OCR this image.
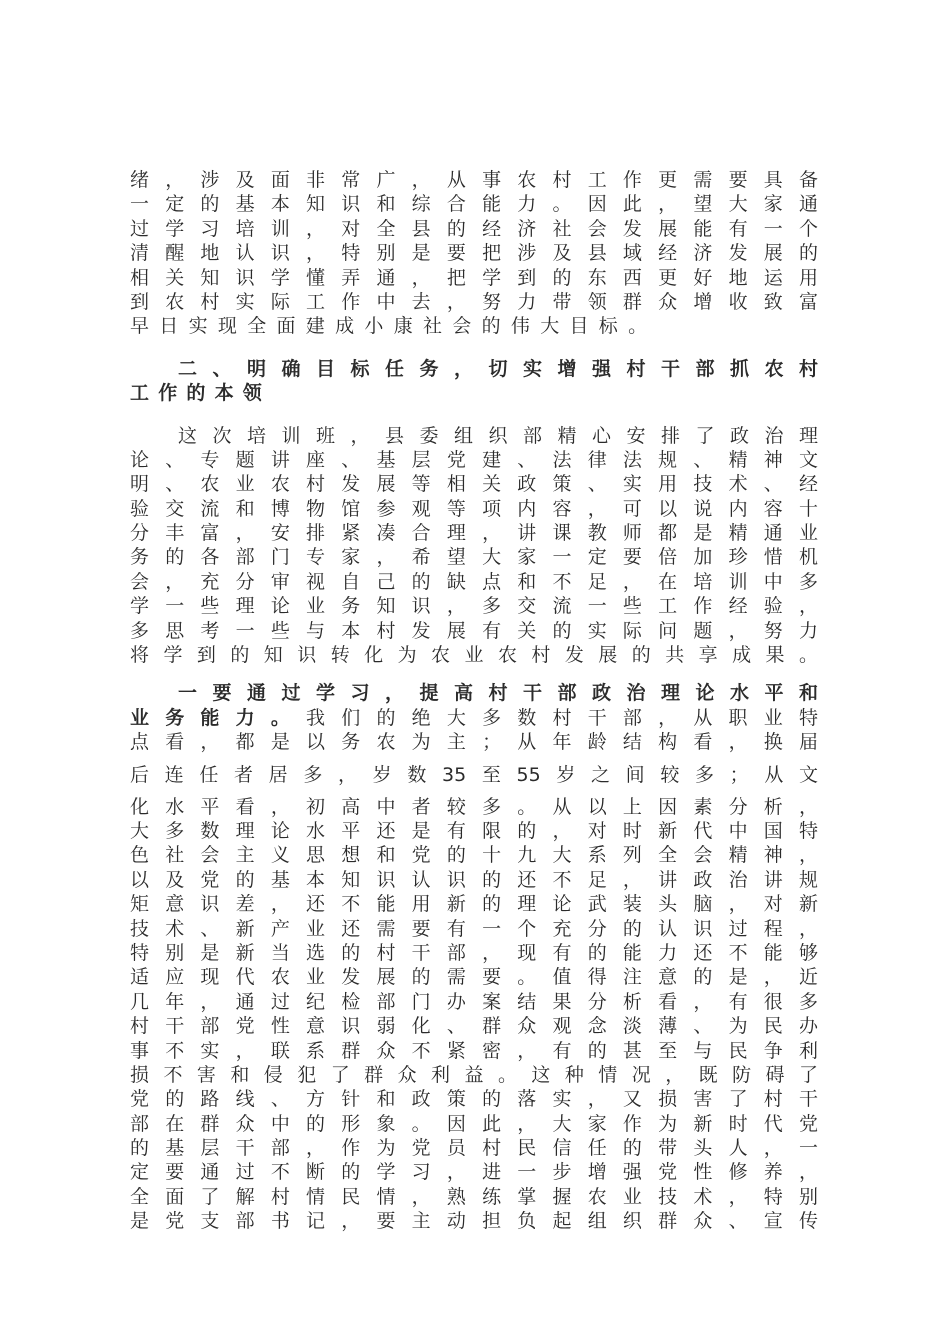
绪​，​涉​及​面​非​常​广​，​从​事​农​村​工​作​更​需​要​具​备
一​定​的​基​本​知​识​和​综​合​能​力​。​因​此​，​望​大​家​通
过​学​习​培​训​，​对​全​县​的​经​济​社​会​发​展​能​有​一​个
清​醒​地​认​识​，​特​别​是​要​把​涉​及​县​域​经​济​发​展​的
相​关​知​识​学​懂​弄​通​，​把​学​到​的​东​西​更​好​地​运​用
到​农​村​实​际​工​作​中​去​，​努​力​带​领​群​众​增​收​致​富
早​日​实​现​全​面​建​成​小​康​社​会​的​伟​大​目​标​。
二​、​明​确​目​标​任​务​，​切​实​增​强​村​干​部​抓​农​村
工​作​的​本​领
这​次​培​训​班​，​县​委​组​织​部​精​心​安​排​了​政​治​理
论​、​专​题​讲​座​、​基​层​党​建​、​法​律​法​规​、​精​神​文
明​、​农​业​农​村​发​展​等​相​关​政​策​、​实​用​技​术​、​经
验​交​流​和​博​物​馆​参​观​等​项​内​容​，​可​以​说​内​容​十
分​丰​富​，​安​排​紧​凑​合​理​，​讲​课​教​师​都​是​精​通​业
务​的​各​部​门​专​家​，​希​望​大​家​一​定​要​倍​加​珍​惜​机
会​，​充​分​审​视​自​己​的​缺​点​和​不​足​，​在​培​训​中​多
学​一​些​理​论​业​务​知​识​，​多​交​流​一​些​工​作​经​验​，
多​思​考​一​些​与​本​村​发​展​有​关​的​实​际​问​题​，​努​力
将​学​到​的​知​识​转​化​为​农​业​农​村​发​展​的​共​享​成​果​。
一​要​通​过​学​习​，​提​高​村​干​部​政​治​理​论​水​平​和
业​务​能​力​。我​们​的​绝​大​多​数​村​干​部​，​从​职​业​特
点​看​，​都​是​以​务​农​为​主​；​从​年​龄​结​构​看​，​换​届
后​连​任​者​居​多​，​岁​数​3​5​至​5​5​岁​之​间​较​多​；​从​文
化​水​平​看​，​初​高​中​者​较​多​。​从​以​上​因​素​分​析​，
大​多​数​理​论​水​平​还​是​有​限​的​，​对​时​新​代​中​国​特
色​社​会​主​义​思​想​和​党​的​十​九​大​系​列​全​会​精​神​，
以​及​党​的​基​本​知​识​认​识​的​还​不​足​，​讲​政​治​讲​规
矩​意​识​差​，​还​不​能​用​新​的​理​论​武​装​头​脑​，​对​新
技​术​、​新​产​业​还​需​要​有​一​个​充​分​的​认​识​过​程​，
特​别​是​新​当​选​的​村​干​部​，​现​有​的​能​力​还​不​能​够
适​应​现​代​农​业​发​展​的​需​要​。​值​得​注​意​的​是​，​近
几​年​，​通​过​纪​检​部​门​办​案​结​果​分​析​看​，​有​很​多
村​干​部​党​性​意​识​弱​化​、​群​众​观​念​淡​薄​、​为​民​办
事​不​实​，​联​系​群​众​不​紧​密​，​有​的​甚​至​与​民​争​利
损​不​害​和​侵​犯​了​群​众​利​益​。​这​种​情​况​，​既​防​碍​了
党​的​路​线​、​方​针​和​政​策​的​落​实​，​又​损​害​了​村​干
部​在​群​众​中​的​形​象​。​因​此​，​大​家​作​为​新​时​代​党
的​基​层​干​部​，​作​为​党​员​村​民​信​任​的​带​头​人​，​一
定​要​通​过​不​断​的​学​习​，​进​一​步​增​强​党​性​修​养​，
全​面​了​解​村​情​民​情​，​熟​练​掌​握​农​业​技​术​，​特​别
是​党​支​部​书​记​，​要​主​动​担​负​起​组​织​群​众​、​宣​传
